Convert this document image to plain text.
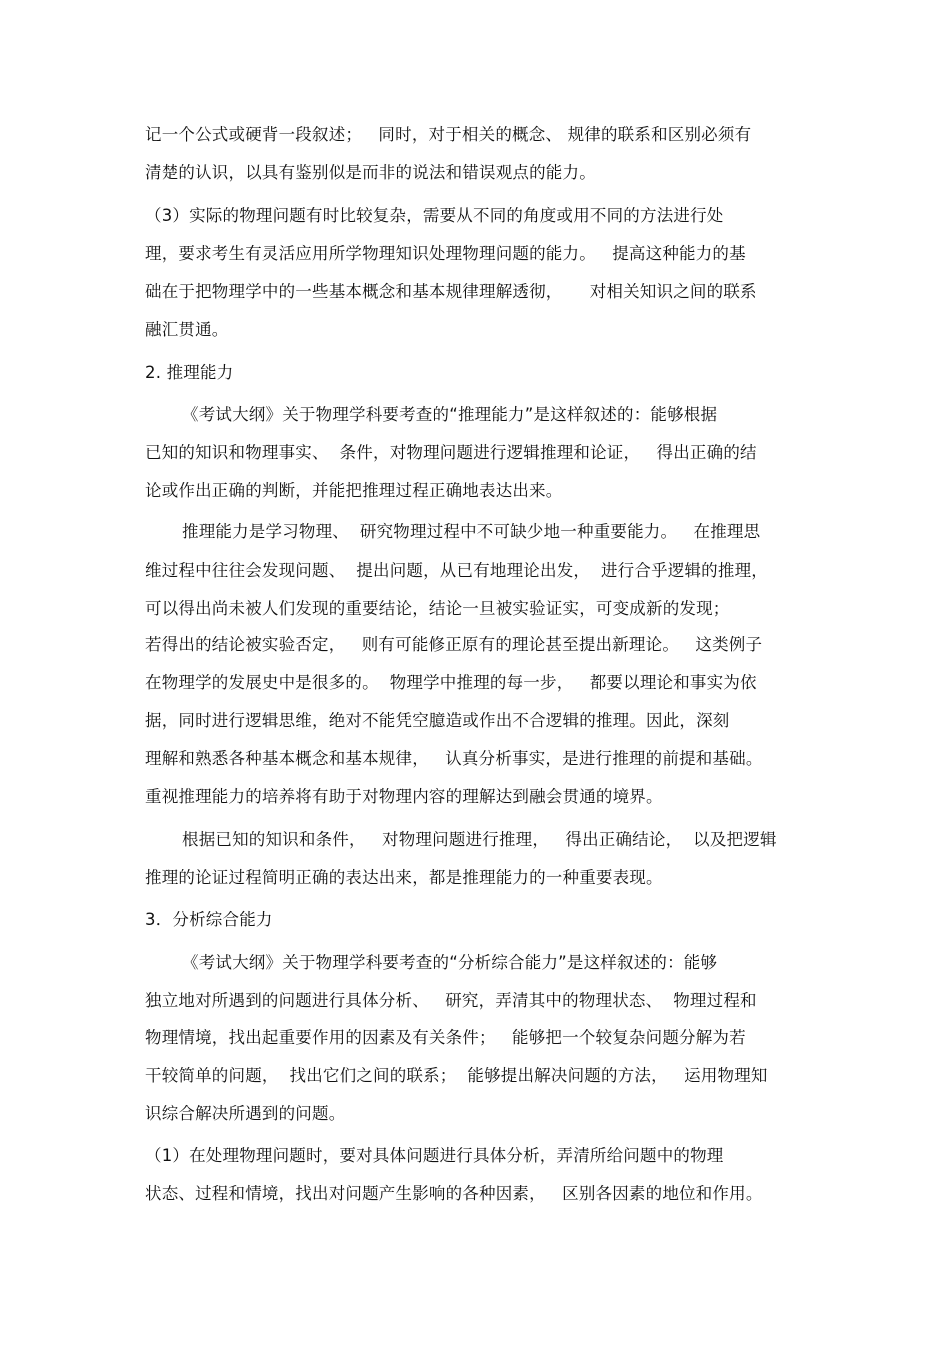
记一个公式或硬背一段叙述；   同时，对于相关的概念、 规律的联系和区别必须有
清楚的认识，以具有鉴别似是而非的说法和错误观点的能力。
（3）实际的物理问题有时比较复杂，需要从不同的角度或用不同的方法进行处
理，要求考生有灵活应用所学物理知识处理物理问题的能力。   提高这种能力的基
础在于把物理学中的一些基本概念和基本规律理解透彻，     对相关知识之间的联系
融汇贯通。
2. 推理能力
《考试大纲》关于物理学科要考查的“推理能力”是这样叙述的：能够根据
已知的知识和物理事实、  条件，对物理问题进行逻辑推理和论证，   得出正确的结
论或作出正确的判断，并能把推理过程正确地表达出来。
推理能力是学习物理、  研究物理过程中不可缺少地一种重要能力。   在推理思
维过程中往往会发现问题、  提出问题，从已有地理论出发，  进行合乎逻辑的推理，
可以得出尚未被人们发现的重要结论，结论一旦被实验证实，可变成新的发现；
若得出的结论被实验否定，   则有可能修正原有的理论甚至提出新理论。   这类例子
在物理学的发展史中是很多的。  物理学中推理的每一步，   都要以理论和事实为依
据，同时进行逻辑思维，绝对不能凭空臆造或作出不合逻辑的推理。因此，深刻
理解和熟悉各种基本概念和基本规律，   认真分析事实，是进行推理的前提和基础。
重视推理能力的培养将有助于对物理内容的理解达到融会贯通的境界。
根据已知的知识和条件，   对物理问题进行推理，   得出正确结论，  以及把逻辑
推理的论证过程简明正确的表达出来，都是推理能力的一种重要表现。
3．分析综合能力
《考试大纲》关于物理学科要考查的“分析综合能力”是这样叙述的：能够
独立地对所遇到的问题进行具体分析、   研究，弄清其中的物理状态、  物理过程和
物理情境，找出起重要作用的因素及有关条件；   能够把一个较复杂问题分解为若
干较简单的问题，  找出它们之间的联系；  能够提出解决问题的方法，   运用物理知
识综合解决所遇到的问题。
（1）在处理物理问题时，要对具体问题进行具体分析，弄清所给问题中的物理
状态、过程和情境，找出对问题产生影响的各种因素，   区别各因素的地位和作用。
